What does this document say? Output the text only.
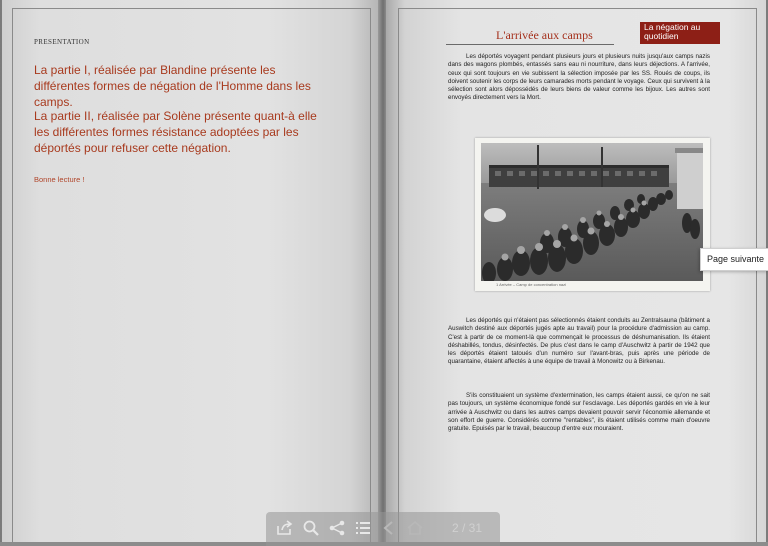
PRESENTATION

La partie I, réalisée par Blandine présente les différentes formes de négation de l'Homme dans les camps.

La partie II, réalisée par Solène présente quant-à elle les différentes formes résistance adoptées par les déportés pour refuser cette négation.

Bonne lecture !
L'arrivée aux camps
La négation au quotidien

Les déportés voyagent pendant plusieurs jours et plusieurs nuits jusqu'aux camps nazis dans des wagons plombés, entassés sans eau ni nourriture, dans leurs déjections. A l'arrivée, ceux qui sont toujours en vie subissent la sélection imposée par les SS. Roués de coups, ils doivent soutenir les corps de leurs camarades morts pendant le voyage. Ceux qui survivent à la sélection sont alors dépossédés de leurs biens de valeur comme les bijoux. Les autres sont envoyés directement vers la Mort.

1 Arrivée – Camp de concentration nazi

Les déportés qui n'étaient pas sélectionnés étaient conduits au Zentralsauna (bâtiment a Auswitch destiné aux déportés jugés apte au travail) pour la procédure d'admission au camp. C'est à partir de ce moment-là que commençait le processus de déshumanisation. Ils étaient déshabillés, tondus, désinfectés. De plus c'est dans le camp d'Auschwitz à partir de 1942 que les déportés étaient tatoués d'un numéro sur l'avant-bras, puis après une période de quarantaine, étaient affectés à une équipe de travail à Monowitz ou à Birkenau.

S'ils constituaient un système d'extermination, les camps étaient aussi, ce qu'on ne sait pas toujours, un système économique fondé sur l'esclavage. Les déportés gardés en vie à leur arrivée à Auschwitz ou dans les autres camps devaient pouvoir servir l'économie allemande et son effort de guerre. Considérés comme "rentables", ils étaient utilisés comme main d'oeuvre gratuite. Epuisés par le travail, beaucoup d'entre eux mouraient.

Page suivante
2 / 31
